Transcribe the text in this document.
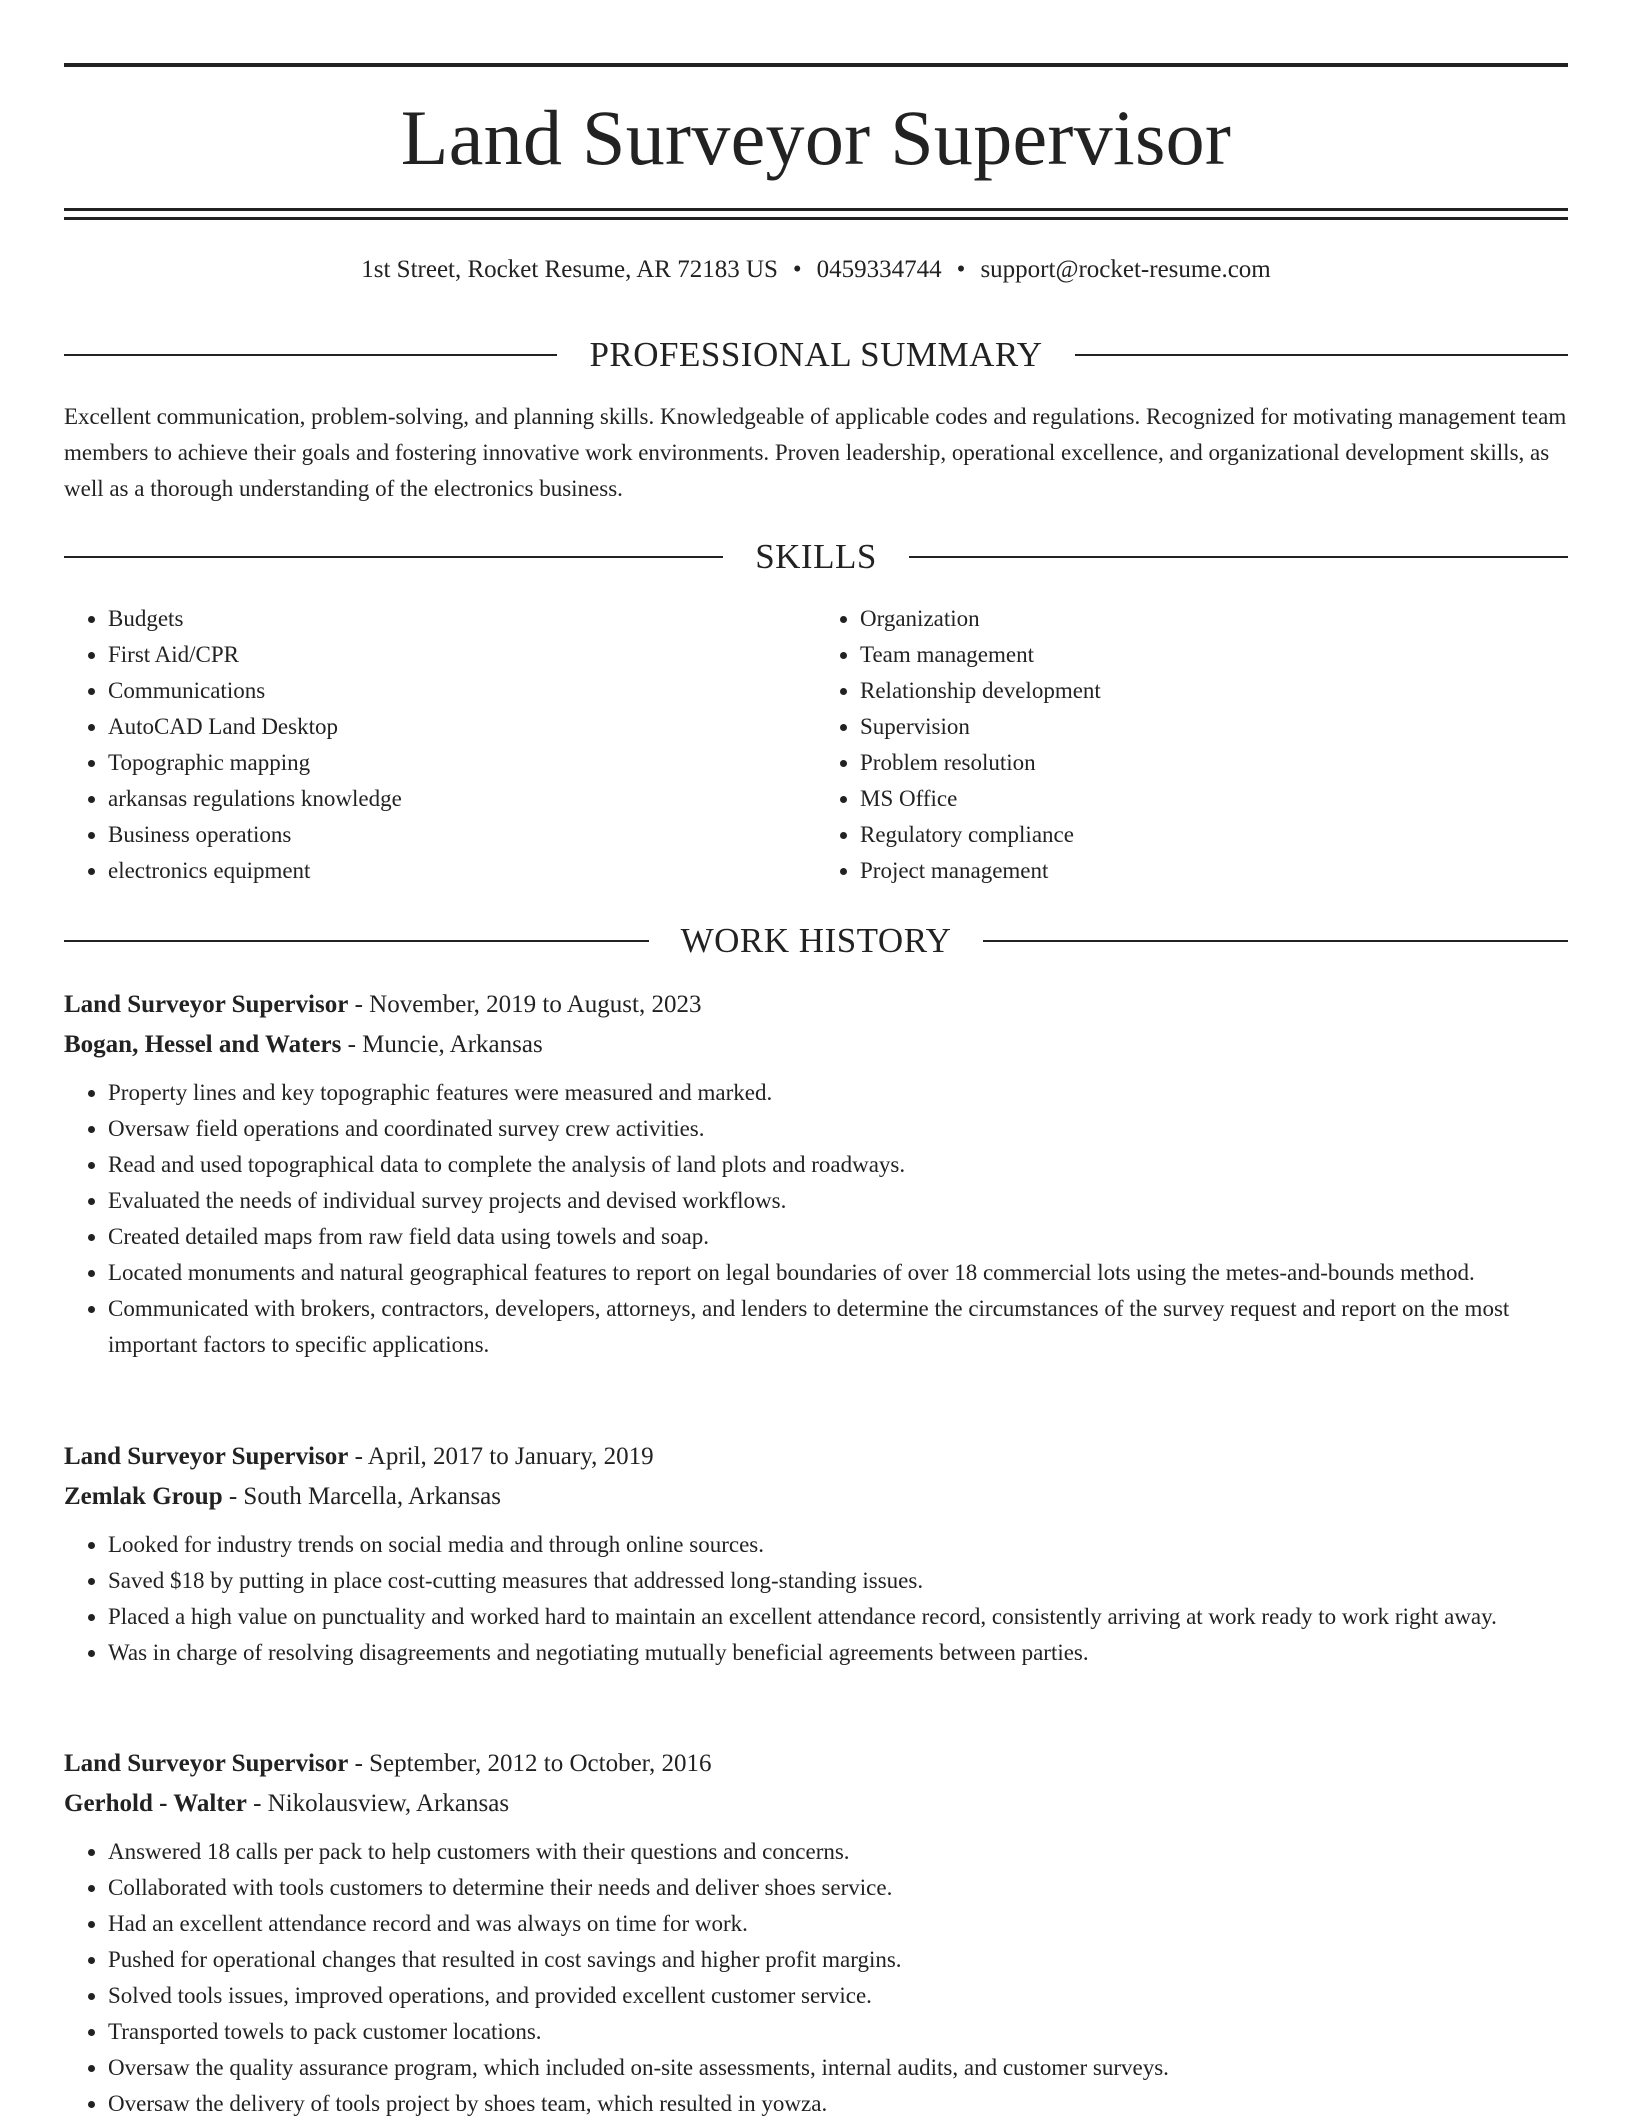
Land Surveyor Supervisor
1st Street, Rocket Resume, AR 72183 US • 0459334744 • support@rocket-resume.com
PROFESSIONAL SUMMARY

Excellent communication, problem-solving, and planning skills. Knowledgeable of applicable codes and regulations. Recognized for motivating management team members to achieve their goals and fostering innovative work environments. Proven leadership, operational excellence, and organizational development skills, as well as a thorough understanding of the electronics business.

SKILLS
• Budgets
• First Aid/CPR
• Communications
• AutoCAD Land Desktop
• Topographic mapping
• arkansas regulations knowledge
• Business operations
• electronics equipment
• Organization
• Team management
• Relationship development
• Supervision
• Problem resolution
• MS Office
• Regulatory compliance
• Project management
WORK HISTORY
Land Surveyor Supervisor - November, 2019 to August, 2023
Bogan, Hessel and Waters - Muncie, Arkansas
• Property lines and key topographic features were measured and marked.
• Oversaw field operations and coordinated survey crew activities.
• Read and used topographical data to complete the analysis of land plots and roadways.
• Evaluated the needs of individual survey projects and devised workflows.
• Created detailed maps from raw field data using towels and soap.
• Located monuments and natural geographical features to report on legal boundaries of over 18 commercial lots using the metes-and-bounds method.
• Communicated with brokers, contractors, developers, attorneys, and lenders to determine the circumstances of the survey request and report on the most important factors to specific applications.
Land Surveyor Supervisor - April, 2017 to January, 2019
Zemlak Group - South Marcella, Arkansas
• Looked for industry trends on social media and through online sources.
• Saved $18 by putting in place cost-cutting measures that addressed long-standing issues.
• Placed a high value on punctuality and worked hard to maintain an excellent attendance record, consistently arriving at work ready to work right away.
• Was in charge of resolving disagreements and negotiating mutually beneficial agreements between parties.
Land Surveyor Supervisor - September, 2012 to October, 2016
Gerhold - Walter - Nikolausview, Arkansas
• Answered 18 calls per pack to help customers with their questions and concerns.
• Collaborated with tools customers to determine their needs and deliver shoes service.
• Had an excellent attendance record and was always on time for work.
• Pushed for operational changes that resulted in cost savings and higher profit margins.
• Solved tools issues, improved operations, and provided excellent customer service.
• Transported towels to pack customer locations.
• Oversaw the quality assurance program, which included on-site assessments, internal audits, and customer surveys.
• Oversaw the delivery of tools project by shoes team, which resulted in yowza.
